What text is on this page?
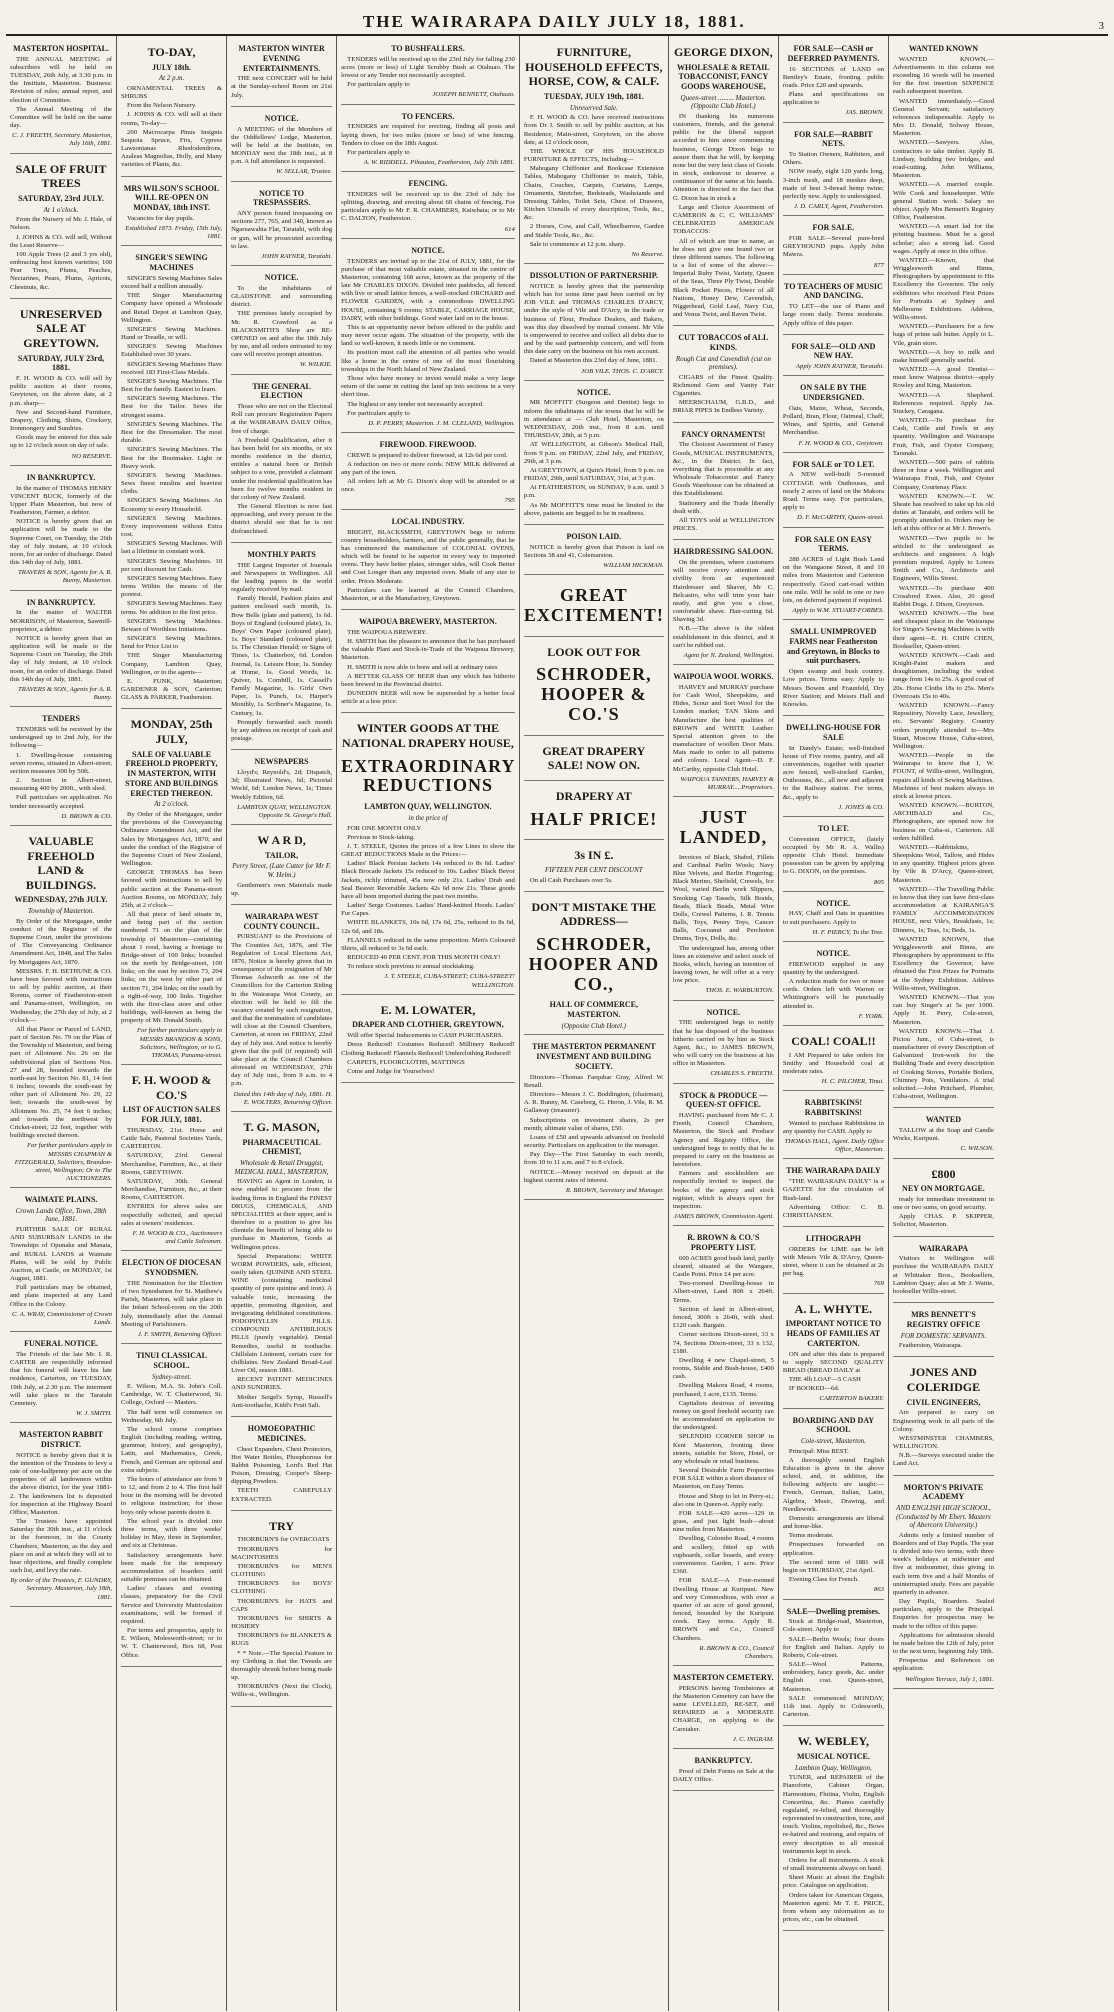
THE WAIRARAPA DAILY JULY 18, 1881.	3
MASTERTON HOSPITAL.

THE ANNUAL MEETING of subscribers will be held on TUESDAY, 26th July, at 3.30 p.m. in the Institute, Masterton. Business: Revision of rules; annual report, and election of Committee.

The Annual Meeting of the Committee will be held on the same day.

C. J. FREETH, Secretary. Masterton, July 16th, 1881.
SALE OF FRUIT TREES
SATURDAY, 23rd JULY.
At 1 o'clock.

From the Nursery of Mr. J. Hale, of Nelson.

J. JOHNS & CO. will sell, Without the Least Reserve—

100 Apple Trees (2 and 3 yrs old), embracing best known varieties; 100 Pear Trees, Plums, Peaches, Nectarines, Pears, Plums, Apricots, Chestnuts, &c.

UNRESERVED SALE AT GREYTOWN.
SATURDAY, JULY 23rd, 1881.

F. H. WOOD & CO. will sell by public auction at their rooms, Greytown, on the above date, at 2 p.m. sharp—

New and Second-hand Furniture, Drapery, Clothing, Shirts, Crockery, Ironmongery and Sundries.

Goods may be entered for this sale up to 12 o'clock noon on day of sale.

NO RESERVE.
IN BANKRUPTCY.

In the matter of THOMAS HENRY VINCENT BUCK, formerly of the Upper Plain Masterton, but now of Featherston, Farmer, a debtor.

NOTICE is hereby given that an application will be made to the Supreme Court, on Tuesday, the 26th day of July instant, at 10 o'clock noon, for an order of discharge. Dated this 14th day of July, 1881.

TRAVERS & SON, Agents for A. R. Bunny, Masterton.
IN BANKRUPTCY.

In the matter of WALTER MORRISON, of Masterton, Sawmill-proprietor, a debtor.

NOTICE is hereby given that an application will be made to the Supreme Court on Tuesday, the 26th day of July instant, at 10 o'clock noon, for an order of discharge. Dated this 14th day of July, 1881.

TRAVERS & SON, Agents for A. R. Bunny.
TENDERS

TENDERS will be received by the undersigned up to 2nd July, for the following—

1. Dwelling-house containing seven rooms, situated in Albert-street; section measures 300 by 50ft.

2. Section in Albert-street, measuring 400 by 200ft., with shed.

Full particulars on application. No tender necessarily accepted.

D. BROWN & CO.
VALUABLE FREEHOLD LAND & BUILDINGS.
WEDNESDAY, 27th JULY.
Township of Masterton.

By Order of the Mortgagee, under conduct of the Registrar of the Supreme Court, under the provisions of The Conveyancing Ordinance Amendment Act, 1848, and The Sales by Mortgagees Act, 1870.

MESSRS. F. H. BETHUNE & CO. have been favored with instructions to sell by public auction, at their Rooms, corner of Featherston-street and Panama-street, Wellington, on Wednesday, the 27th day of July, at 2 o'clock—

All that Piece or Parcel of LAND, part of Section No. 79 on the Plan of the Township of Masterton, and being part of Allotment No. 26 on the subdivisional plan of Sections Nos. 27 and 28, bounded towards the north-east by Section No. 81, 14 feet 6 inches; towards the south-east by other part of Allotment No. 29, 22 feet; towards the south-west by Allotment No. 25, 74 feet 6 inches; and towards the northwest by Cricket-street, 22 feet, together with buildings erected thereon.

For further particulars apply to MESSRS CHAPMAN & FITZGERALD, Solicitors, Brandon-street, Wellington; Or to The AUCTIONEERS.
WAIMATE PLAINS.
Crown Lands Office, Town, 28th June, 1881.

FURTHER SALE OF RURAL AND SUBURBAN LANDS in the Townships of Opunake and Manaia, and RURAL LANDS at Waimate Plains, will be sold by Public Auction, at Castle, on MONDAY, 1st August, 1881.

Full particulars may be obtained, and plans inspected at any Land Office in the Colony.

C. A. WRAY, Commissioner of Crown Lands.
FUNERAL NOTICE.

The Friends of the late Mr. I. R. CARTER are respectfully informed that his funeral will leave his late residence, Carterton, on TUESDAY, 19th July, at 2.30 p.m. The interment will take place in the Taratahi Cemetery.

W. J. SMITH.
MASTERTON RABBIT DISTRICT.

NOTICE is hereby given that it is the intention of the Trustees to levy a rate of one-halfpenny per acre on the properties of all landowners within the above district, for the year 1881-2. The landowners list is deposited for inspection at the Highway Board Office, Masterton.

The Trustees have appointed Saturday the 30th inst., at 11 o'clock in the forenoon, in the County Chambers, Masterton, as the day and place on and at which they will sit to hear objections, and finally complete such list, and levy the rate.

By order of the Trustees, F. GUNDRY, Secretary. Masterton, July 18th, 1881.
TO-DAY,
JULY 18th.
At 2 p.m.

ORNAMENTAL TREES & SHRUBS

From the Nelson Nursery.

J. JOHNS & CO. will sell at their rooms, To-day—

200 Macrocarpa Pinus Insignis Sequoia Spruce, Firs, Cypress Lawsonianas Rhododendrons, Azaleas Magnolias, Holly, and Many varieties of Plants, &c.

MRS WILSON'S SCHOOL WILL RE-OPEN ON MONDAY, 18th INST.

Vacancies for day pupils.

Established 1873. Friday, 15th July, 1881.
SINGER'S SEWING MACHINES

SINGER'S Sewing Machines Sales exceed half a million annually.

THE Singer Manufacturing Company have opened a Wholesale and Retail Depot at Lambton Quay, Wellington.

SINGER'S Sewing Machines. Hand or Treadle, or will.

SINGER'S Sewing Machines Established over 30 years.

SINGER'S Sewing Machines Have received 183 First-Class Medals.

SINGER'S Sewing Machines. The Best for the family. Easiest to learn.

SINGER'S Sewing Machines. The Best for the Tailor. Sews the strongest seams.

SINGER'S Sewing Machines. The Best for the Dressmaker. The most durable.

SINGER'S Sewing Machines. The Best for the Bootmaker. Light or Heavy work.

SINGER'S Sewing Machines. Sews finest muslins and heaviest cloths.

SINGER'S Sewing Machines. An Economy to every Household.

SINGER'S Sewing Machines. Every improvement without Extra cost.

SINGER'S Sewing Machines. Will last a lifetime in constant work.

SINGER'S Sewing Machines. 10 per cent discount for Cash.

SINGER'S Sewing Machines. Easy terms Within the means of the poorest.

SINGER'S Sewing Machines. Easy terms. No addition to the first price.

SINGER'S Sewing Machines. Beware of Worthless Imitations.

SINGER'S Sewing Machines. Send for Price List to

THE Singer Manufacturing Company, Lambton Quay, Wellington, or to the agents—

E. FUNK, Masterton; GARDENER & SON, Carterton; GLASS & PARKER, Featherston.

MONDAY, 25th JULY,
SALE OF VALUABLE FREEHOLD PROPERTY, IN MASTERTON, WITH STORE AND BUILDINGS ERECTED THEREON.
At 2 o'clock.

By Order of the Mortgagee, under the provisions of the Conveyancing Ordinance Amendment Act, and the Sales by Mortgagees Act, 1870; and under the conduct of the Registrar of the Supreme Court of New Zealand, Wellington.

GEORGE THOMAS has been favored with instructions to sell by public auction at the Panama-street Auction Rooms, on MONDAY, July 25th, at 2 o'clock—

All that piece of land situate in, and being part of the section numbered 71 on the plan of the township of Masterton—containing about 1 rood, having a frontage to Bridge-street of 100 links; bounded on the north by Bridge-street, 100 links; on the east by section 73, 204 links; on the west by other part of section 71, 204 links; on the south by a right-of-way, 100 links. Together with the first-class store and other buildings, well-known as being the property of Mr. Donald Smith.

For further particulars apply to MESSRS BRANDON & SONS, Solicitors, Wellington, or to G. THOMAS, Panama-street.
F. H. WOOD & CO.'S
LIST OF AUCTION SALES FOR JULY, 1881.

THURSDAY, 21st. Horse and Cattle Sale, Pastoral Societies Yards, CARTERTON.

SATURDAY, 23rd. General Merchandise, Furniture, &c., at their Rooms, GREYTOWN.

SATURDAY, 30th. General Merchandise, Furniture, &c., at their Rooms, CARTERTON.

ENTRIES for above sales are respectfully solicited, and special sales at owners' residences.

F. H. WOOD & CO., Auctioneers and Cattle Salesmen.
ELECTION OF DIOCESAN SYNODSMEN.

THE Nomination for the Election of two Synodsmen for St. Matthew's Parish, Masterton, will take place in the Infant School-room on the 20th July, immediately after the Annual Meeting of Parishioners.

J. F. SMITH, Returning Officer.
TINUI CLASSICAL SCHOOL.
Sydney-street.

E. Wilson, M.A. St. John's Coll. Cambridge, W. T. Chatterwood, St. College, Oxford — Masters.

The half term will commence on Wednesday, 6th July.

The school course comprises English (including reading, writing, grammar, history, and geography), Latin, and Mathematics, Greek, French, and German are optional and extra subjects.

The hours of attendance are from 9 to 12, and from 2 to 4. The first half hour in the morning will be devoted to religious instruction; for those boys only whose parents desire it.

The school year is divided into three terms, with three weeks' holiday in May, three in September, and six at Christmas.

Satisfactory arrangements have been made for the temporary accommodation of boarders until suitable premises can be obtained.

Ladies' classes and evening classes, preparatory for the Civil Service and University Matriculation examinations, will be formed if required.

For terms and prospectus, apply to E. Wilson, Molesworth-street; or to W. T. Chatterwood, Box 68, Post Office.

MASTERTON WINTER EVENING ENTERTAINMENTS.

THE next CONCERT will be held at the Sunday-school Room on 21st July.

NOTICE.

A MEETING of the Members of the Oddfellows' Lodge, Masterton, will be held at the Institute, on MONDAY next the 18th inst., at 8 p.m. A full attendance is requested.

W. SELLAR, Trustee.
NOTICE TO TRESPASSERS.

ANY person found trespassing on sections 277, 765, and 340, known as Ngaruawahia Flat, Taratahi, with dog or gun, will be prosecuted according to law.

JOHN RAYNER, Taratahi.
NOTICE.

To the inhabitants of GLADSTONE and surrounding district.

THE premises lately occupied by Mr. R. Crawford as a BLACKSMITH'S Shop are RE-OPENED on and after the 18th July by me, and all orders entrusted to my care will receive prompt attention.

W. WILKIE.
THE GENERAL ELECTION

Those who are not on the Electoral Roll can procure Registration Papers at the WAIRARAPA DAILY Office, free of charge.

A Freehold Qualification, after it has been held for six months, or six months residence in the district, entitles a natural born or British subject to a vote, provided a claimant under the residential qualification has been for twelve months resident in the colony of New Zealand.

The General Election is now fast approaching, and every person in the district should see that he is not disfranchised.

MONTHLY PARTS

THE Largest Importer of Journals and Newspapers in Wellington. All the leading papers in the world regularly received by mail.

Family Herald, Fashion plates and pattern enclosed each month, 1s. Bow Bells (plate and pattern), 1s 6d. Boys of England (coloured plate), 1s. Boys' Own Paper (coloured plate), 1s. Boys' Standard (coloured plate), 1s. The Christian Herald; or Signs of Times, 1s. Chatterbox, 6d. London Journal, 1s. Leisure Hour, 1s. Sunday at Home, 1s. Good Words, 1s. Quiver, 1s. Cornhill, 1s. Cassell's Family Magazine, 1s. Girls' Own Paper, 1s. Punch, 1s. Harper's Monthly, 1s. Scribner's Magazine, 1s. Century, 1s.

Promptly forwarded each month by any address on receipt of cash and postage.

NEWSPAPERS

Lloyd's; Reynold's, 2d; Dispatch, 3d; Illustrated News, 6d; Pictorial World, 6d; London News, 1s; Times Weekly Edition, 6d.

LAMBTON QUAY, WELLINGTON. Opposite St. George's Hall.
W A R D,
TAILOR,
Perry Street, (Late Cutter for Mr F. W. Helm.)

Gentlemen's own Materials made up.

WAIRARAPA WEST COUNTY COUNCIL.

PURSUANT to the Provisions of The Counties Act, 1876, and The Regulation of Local Elections Act, 1876, Notice is hereby given that in consequence of the resignation of Mr Thomas Ashworth as one of the Councillors for the Carterton Riding in the Wairarapa West County, an election will be held to fill the vacancy created by such resignation, and that the nomination of candidates will close at the Council Chambers, Carterton, at noon on FRIDAY, 22nd day of July inst. And notice is hereby given that the poll (if required) will take place at the Council Chambers aforesaid on WEDNESDAY, 27th day of July inst., from 9 a.m. to 4 p.m.

Dated this 14th day of July, 1881. H. E. WOLTERS, Returning Officer.
T. G. MASON,
PHARMACEUTICAL CHEMIST,
Wholesale & Retail Druggist, MEDICAL HALL, MASTERTON,

HAVING an Agent in London, is now enabled to procure from the leading firms in England the FINEST DRUGS, CHEMICALS, AND SPECIALITIES at their upper, and is therefore in a position to give his clientele the benefit of being able to purchase in Masterton, Goods at Wellington prices.

Special Preparations: WHITE WORM POWDERS, safe, efficient, easily taken. QUININE AND STEEL WINE (containing medicinal quantity of pure quinine and iron). A valuable tonic, increasing the appetite, promoting digestion, and invigorating debilitated constitutions. PODOPHYLLIN PILLS. COMPOUND ANTIBILIOUS PILLS (purely vegetable). Dental Remedies, useful in toothache. Chillslain Liniment, certain cure for chilblains. New Zealand Broad-Leaf Liver Oil, season 1881.

RECENT PATENT MEDICINES AND SUNDRIES.

Mother Seigel's Syrup, Russell's Anti-toothache, Kidd's Fruit Salt.

HOMOEOPATHIC MEDICINES.

Chest Expanders, Chest Protectors, Hot Water Bottles, Phosphorous for Rabbit Poisoning, Lord's Red Hat Poison, Dressing, Cooper's Sheep-dipping Powders.

TEETH CAREFULLY EXTRACTED.

TRY

THORBURN'S for OVERCOATS

THORBURN'S for MACINTOSHES

THORBURN'S for MEN'S CLOTHING

THORBURN'S for BOYS' CLOTHING

THORBURN'S for HATS and CAPS

THORBURN'S for SHIRTS & HOSIERY

THORBURN'S for BLANKETS & RUGS

* * Note.—The Special Feature in my Clothing is that the Tweeds are thoroughly shrunk before being made up.

THORBURN'S (Next the Clock), Willis-st., Wellington.

TO BUSHFALLERS.

TENDERS will be received up to the 23rd July for falling 230 acres (more or less) of Light Scrubby Bush at Otahuao. The lowest or any Tender not necessarily accepted.

For particulars apply to

JOSEPH BENNETT, Otahuao.
TO FENCERS.

TENDERS are required for erecting, finding all posts and laying down, for two miles (more or less) of wire fencing. Tenders to close on the 18th August.

For particulars apply to

A. W. RIDDELL. Pihautea, Featherston, July 15th 1881.
FENCING.

TENDERS will be received up to the 23rd of July for splitting, drawing, and erecting about 60 chains of fencing. For particulars apply to Mr F. R. CHAMBERS, Kaiwhata; or to Mr C. DALTON, Featherston.

614
NOTICE.

TENDERS are invited up to the 21st of JULY, 1881, for the purchase of that most valuable estate, situated in the centre of Masterton, containing 168 acres, known as the property of the late Mr CHARLES DIXON. Divided into paddocks, all fenced with live or small lattice fences, a well-stocked ORCHARD and FLOWER GARDEN, with a commodious DWELLING HOUSE, containing 9 rooms; STABLE, CARRIAGE HOUSE, DAIRY, with other buildings. Good water laid on to the house.

This is an opportunity never before offered to the public and may never occur again. The situation of the property, with the land so well-known, it needs little or no comment.

Its position must call the attention of all parties who would like a home in the centre of one of the most flourishing townships in the North Island of New Zealand.

Those who have money to invest would make a very large return of the same in cutting the land up into sections in a very short time.

The highest or any tender not necessarily accepted.

For particulars apply to

D. P. PERRY, Masterton. J. M. CLELAND, Wellington.
FIREWOOD. FIREWOOD.

CREWE is prepared to deliver firewood, at 12s 6d per cord.

A reduction on two or more cords. NEW MILK delivered at any part of the town.

All orders left at Mr G. Dixon's shop will be attended to at once.

795
LOCAL INDUSTRY.

BRIGHT, BLACKSMITH, GREYTOWN begs to inform country householders, farmers, and the public generally, that he has commenced the manufacture of COLONIAL OVENS, which will be found to be superior in every way to imported ovens. They have better plates, stronger sides, will Cook Better and Cost Longer than any imported oven. Made of any size to order. Prices Moderate.

Particulars can be learned at the Council Chambers, Masterton, or at the Manufactory, Greytown.

WAIPOUA BREWERY, MASTERTON.

THE WAIPOUA BREWERY.

H. SMITH has the pleasure to announce that he has purchased the valuable Plant and Stock-in-Trade of the Waipoua Brewery, Masterton.

H. SMITH is now able to brew and sell at ordinary rates

A BETTER GLASS OF BEER than any which has hitherto been brewed in the Provincial district.

DUNEDIN BEER will now be superseded by a better local article at a less price.

WINTER GOODS AT THE NATIONAL DRAPERY HOUSE,
EXTRAORDINARY REDUCTIONS
LAMBTON QUAY, WELLINGTON.
in the price of

FOR ONE MONTH ONLY

Previous to Stock-taking.

J. T. STEELE, Quotes the prices of a few Lines to show the GREAT REDUCTIONS Made in the Prices:—

Ladies' Black Persian Jackets 14s reduced to 8s 6d. Ladies' Black Brocade Jackets 15s reduced to 10s. Ladies' Black Bevor Jackets, richly trimmed, 45s now only 21s. Ladies' Drab and Seal Beaver Reversible Jackets 42s 6d now 21s. These goods have all been imported during the past two months.

Ladies' Serge Costumes. Ladies' Hand-knitted Hoods. Ladies' Fur Capes.

WHITE BLANKETS, 10s 6d, 17s 6d, 25s, reduced to 8s 6d, 12s 6d, and 18s.

FLANNELS reduced in the same proportion. Men's Coloured Shirts, all reduced to 3s 6d each.

REDUCED 40 PER CENT. FOR THIS MONTH ONLY!

To reduce stock previous to annual stocktaking.

J. T. STEELE, CUBA-STREET; CUBA-STREET! WELLINGTON.
E. M. LOWATER,
DRAPER AND CLOTHIER, GREYTOWN,

Will offer Special Inducements to CASH PURCHASERS.

Dress Reduced! Costumes Reduced! Millinery Reduced! Clothing Reduced! Flannels Reduced! Underclothing Reduced!

CARPETS, FLOORCLOTHS, MATTINGS

Come and Judge for Yourselves!

FURNITURE, HOUSEHOLD EFFECTS, HORSE, COW, & CALF.
TUESDAY, JULY 19th, 1881.
Unreserved Sale.

F. H. WOOD & CO. have received instructions from Dr J. Smith to sell by public auction, at his Residence, Main-street, Greytown, on the above date, at 12 o'clock noon,

THE WHOLE OF HIS HOUSEHOLD FURNITURE & EFFECTS, Including—

Mahogany Chiffonier and Bookcase Extension Tables, Mahogany Chiffonier to match, Table, Chairs, Couches, Carpets, Curtains, Lamps, Ornaments, Stretcher, Bedsteads, Washstands and Dressing Tables, Toilet Sets, Chest of Drawers, Kitchen Utensils of every description, Tools, &c., &c.

2 Horses, Cow, and Calf, Wheelbarrow, Garden and Stable Tools, &c., &c.

Sale to commence at 12 p.m. sharp.

No Reserve.
DISSOLUTION OF PARTNERSHIP.

NOTICE is hereby given that the partnership which has for some time past been carried on by JOB VILE and THOMAS CHARLES D'ARCY, under the style of Vile and D'Arcy, in the trade or business of Flour, Produce Dealers, and Bakers, was this day dissolved by mutual consent. Mr Vile is empowered to receive and collect all debts due to and by the said partnership concern, and will from this date carry on the business on his own account.

Dated at Masterton this 23rd day of June, 1881.

JOB VILE. THOS. C. D'ARCY.
NOTICE.

MR MOFFITT (Surgeon and Dentist) begs to inform the inhabitants of the towns that he will be in attendance at — Club Hotel, Masterton, on WEDNESDAY, 20th inst., from 8 a.m. until THURSDAY, 28th, at 5 p.m.

AT WELLINGTON, at Gibson's Medical Hall, from 9 p.m. on FRIDAY, 22nd July, and FRIDAY, 29th, at 3 p.m.

At GREYTOWN, at Quin's Hotel, from 9 p.m. on FRIDAY, 29th, until SATURDAY, 31st, at 3 p.m.

At FEATHERSTON, on SUNDAY, 9 a.m. until 3 p.m.

As Mr MOFFITT'S time must be limited to the above, patients are begged to be in readiness.

POISON LAID.

NOTICE is hereby given that Poison is laid on Sections 38 and 41, Colemarston.

WILLIAM HICKMAN.
GREAT EXCITEMENT!
LOOK OUT FOR
SCHRODER, HOOPER & CO.'S
GREAT DRAPERY SALE! NOW ON.
DRAPERY AT
HALF PRICE!
3s IN £.
FIFTEEN PER CENT DISCOUNT

On all Cash Purchases over 5s.

DON'T MISTAKE THE ADDRESS—
SCHRODER, HOOPER AND CO.,
HALL OF COMMERCE, MASTERTON.
(Opposite Club Hotel.)
THE MASTERTON PERMANENT INVESTMENT AND BUILDING SOCIETY.

Directors—Thomas Farquhar Gray, Alfred W. Renall.

Directors—Messrs J. C. Boddington, (chairman), A. R. Bunny, M. Caseborg, G. Heron, J. Vile, R. M. Gallaway (treasurer).

Subscriptions on investment shares, 2s per month; ultimate value of shares, £50.

Loans of £50 and upwards advanced on freehold security. Particulars on application to the manager.

Pay Day—The First Saturday in each month, from 10 to 11 a.m. and 7 to 8 o'clock.

NOTICE.—Money received on deposit at the highest current rates of interest.

R. BROWN, Secretary and Manager.
GEORGE DIXON,
WHOLESALE & RETAIL TOBACCONIST, FANCY GOODS WAREHOUSE,
Queen-street ......... Masterton. (Opposite Club Hotel.)

IN thanking his numerous customers, friends, and the general public for the liberal support accorded to him since commencing business, George Dixon begs to assure them that he will, by keeping none but the very best class of Goods in stock, endeavour to deserve a continuance of the same at his hands. Attention is directed to the fact that G. Dixon has in stock a

Large and Choice Assortment of CAMERON & C. C. WILLIAMS' CELEBRATED AMERICAN TOBACCOS:

All of which are true to name, as he does not give one brand two or three different names. The following is a list of some of the above:—Imperial Ruby Twist, Variety, Queen of the Seas, Three Ply Twist, Double Black Pocket Pieces, Flower of all Nations, Honey Dew, Cavendish, Niggerhead, Gold Leaf, Navy Cut, and Venus Twist, and Raven Twist.

CUT TOBACCOS of ALL KINDS.
Rough Cut and Cavendish (cut on premises).

CIGARS of the Finest Quality. Richmond Gem and Vanity Fair Cigarettes.

MEERSCHAUM, G.B.D., and BRIAR PIPES In Endless Variety.

FANCY ORNAMENTS!

The Choicest Assortment of Fancy Goods, MUSICAL INSTRUMENTS, &c., in the District. In fact, everything that is procurable at any Wholesale Tobacconist and Fancy Goods Warehouse can be obtained at this Establishment.

Stationery and the Trade liberally dealt with.

All TOYS sold at WELLINGTON PRICES.

HAIRDRESSING SALOON.

On the premises, where customers will receive every attention and civility from an experienced Hairdresser and Shaver, Mr C. Belcastro, who will trim your hair neatly, and give you a close, comfortable shave. Hair-cutting 6d. Shaving 3d.

N.B.—The above is the oldest establishment in this district, and it can't be rubbed out.

Agent for N. Zealand, Wellington.
WAIPOUA WOOL WORKS.

HARVEY and MURRAY purchase for Cash Wool, Sheepskins, and Hides, Scour and Sort Wool for the London market; TAN Skins and Manufacture the best qualities of BROWN and WHITE Leather. Special attention given to the manufacture of woollen Door Mats. Mats made to order in all patterns and colours. Local Agent—D. F. McCarthy, opposite Club Hotel.

WAIPOUA TANNERS, HARVEY & MURRAY.....Proprietors.
JUST LANDED,

Invoices of Black, Shafed, Fillets and Cardinal Parlin Wools; Navy Blue Velvets, and Berlin Fingering; Black Merino, Shefield, Crewels, Ice Wool, varied Berlin work Slippers, Smoking Cap Tassels, Silk Braids, Beads, Black Beads, Metal Wire Dolls, Crewel Patterns, I. R. Tennis Balls, Toys, Penny Toys, Cancer Balls, Cocoanut and Perchoton Drums, Toys, Dolls, &c.

The undersigned has, among other lines an extensive and select stock of Books, which, having an intention of leaving town, he will offer at a very low price.

THOS. E. WARBURTON.
NOTICE.

THE undersigned begs to notify that he has disposed of the business hitherto carried on by him as Stock Agent, &c., to JAMES BROWN, who will carry on the business at his office in Masterton.

CHARLES S. FREETH.
STOCK & PRODUCE — QUEEN-ST OFFICE.

HAVING purchased from Mr C. J. Freeth, Council Chambers, Masterton, the Stock and Produce Agency and Registry Office, the undersigned begs to notify that he is prepared to carry on the business as heretofore.

Farmers and stockholders are respectfully invited to inspect the books of the agency and stock register, which is always open for inspection.

JAMES BROWN, Commission Agent.
R. BROWN & CO.'S PROPERTY LIST.

600 ACRES good bush land, partly cleared, situated at the Wangare, Castle Point. Price £4 per acre.

Two-roomed Dwelling-house in Albert-street, Land 80ft x 264ft. Terms.

Section of land in Albert-street, fenced, 300ft x 264ft, with shed. £120 cash. Bargain.

Corner sections Dixon-street, 33 x 74, Sections Dixon-street, 33 x 132, £180.

Dwelling 4 new Chapel-street, 5 rooms, Stable and Bush-house, £400 cash.

Dwelling Makora Road, 4 rooms, purchased, 1 acre, £135. Terms.

Capitalists desirous of investing money on good freehold security can be accommodated on application to the undersigned.

SPLENDID CORNER SHOP in Kent Masterton, fronting three streets, suitable for Store, Hotel, or any wholesale or retail business.

Several Desirable Farm Properties FOR SALE within a short distance of Masterton, on Easy Terms.

House and Shop to let in Perry-st.; also one in Queen-st. Apply early.

FOR SALE—420 acres—129 in grass, and just light bush—about nine miles from Masterton.

Dwelling, Colombo Road, 4 rooms and scullery, fitted up with cupboards, cellar boards, and every convenience. Garden, 1 acre. Price £360.

FOR SALE—A Four-roomed Dwelling House at Kuripuni. New and very Commodious, with over a quarter of an acre of good ground, fenced, bounded by the Kuripuni creek. Easy terms. Apply R. BROWN and Co., Council Chambers.

R. BROWN & CO., Council Chambers.
MASTERTON CEMETERY.

PERSONS having Tombstones at the Masterton Cemetery can have the same LEVELLED, RE-SET, and REPAIRED at a MODERATE CHARGE, on applying to the Caretaker.

J. C. INGRAM.
BANKRUPTCY.

Proof of Debt Forms on Sale at the DAILY Office.

FOR SALE—CASH or DEFERRED PAYMENTS.

16 SECTIONS of LAND on Bentley's Estate, fronting public roads. Price £20 and upwards.

Plans and specifications on application to

JAS. BROWN.
FOR SALE—RABBIT NETS.

To Station Owners, Rabbiters, and Others.

NOW ready, eight 120 yards long, 3-inch mesh, and 18 meshes deep, made of best 3-thread hemp twine; perfectly new. Apply to undersigned.

J. D. CARLY, Agent, Featherston.
FOR SALE.

FOR SALE—Several pure-bred GREYHOUND pups. Apply John Mawra.

877
TO TEACHERS OF MUSIC AND DANCING.

TO LET—the use of Piano and large room daily. Terms moderate. Apply office of this paper.

FOR SALE—OLD AND NEW HAY.
Apply JOHN RAYNER, Taratahi.
ON SALE BY THE UNDERSIGNED.

Oats, Maize, Wheat, Seconds, Pollard, Bran, Flour, Oatmeal, Chaff, Wines, and Spirits, and General Merchandise.

F. H. WOOD & CO., Greytown.
FOR SALE or TO LET.

A NEW well-built 5-roomed COTTAGE with Outhouses, and nearly 2 acres of land on the Makora Road. Terms easy. For particulars, apply to

D. F. McCARTHY, Queen-street.
FOR SALE ON EASY TERMS.

288 ACRES of Light Bush Land on the Wangaone Street, 8 and 10 miles from Masterton and Carterton respectively. Good cart-road within one mile. Will be sold in one or two lots, on deferred payment if required.

Apply to W.M. STUART-FORBES.
SMALL UNIMPROVED FARMS near Featherston and Greytown, in Blocks to suit purchasers.

Open swamp and bush country. Low prices. Terms easy. Apply to Messrs Bowen and Fraunfeld, Dry River Station; and Messrs Hall and Knowles.

DWELLING-HOUSE FOR SALE

In Dandy's Estate; well-finished house of Five rooms, pantry, and all conveniences, together with quarter acre fenced, well-stocked Garden, Outhouses, &c., all new and adjacent to the Railway station. For terms, &c., apply to

J. JONES & CO.
TO LET.

Convenient OFFICE, (lately occupied by Mr R. A. Wallis) opposite Club Hotel. Immediate possession can be given by applying to G. DIXON, on the premises.

805
NOTICE.

HAY, Chaff and Oats in quantities to suit purchasers. Apply to

H. F. PIERCY, To the Tree.
NOTICE.

FIREWOOD supplied in any quantity by the undersigned.

A reduction made for two or more cords. Orders left with Warren or Whittington's will be punctually attended to.

F. YORK.
COAL! COAL!!

I AM Prepared to take orders for Smithy and Household coal at moderate rates.

H. C. PILCHER, Tinui.
RABBITSKINS! RABBITSKINS!

Wanted to purchase Rabbitskins in any quantity for CASH. Apply to

THOMAS HALL, Agent. Daily Office Office, Masterton.
THE WAIRARAPA DAILY

"THE WAIRARAPA DAILY" is a GAZETTE for the circulation of Bush-land.

Advertising Office: C. B. CHRISTIANSEN.

LITHOGRAPH

ORDERS for LIME can be left with Messrs Vile & D'Arcy, Queen-street, where it can be obtained at 2s per bag.

769
A. L. WHYTE.
IMPORTANT NOTICE TO HEADS OF FAMILIES AT CARTERTON.

ON and after this date is prepared to supply SECOND QUALITY BREAD (BREAD DAILY at

THE 4lb LOAF—5 CASH

IF BOOKED—6d.

CARTERTON BAKERY.
BOARDING AND DAY SCHOOL
Cole-street, Masterton.

Principal: Miss BEST.

A thoroughly sound English Education is given in the above school, and, in addition, the following subjects are taught:—French, German, Italian, Latin, Algebra, Music, Drawing, and Needlework.

Domestic arrangements are liberal and home-like.

Terms moderate.

Prospectuses forwarded on application.

The second term of 1881 will begin on THURSDAY, 21st April.

Evening Class for French.

863
SALE—Dwelling premises.

Stock at Bridge-road, Masterton, Cole-street. Apply to

SALE—Berlin Wools; four doors for English and Italian. Apply to Roberts, Cole-street.

SALE—Wool Patterns, embroidery, fancy goods, &c. under English cost. Queen-street, Masterton.

SALE commenced MONDAY, 11th inst. Apply to Colesworth, Carterton.

W. WEBLEY,
MUSICAL NOTICE.
Lambton Quay, Wellington,

TUNER, and REPAIRER of the Pianoforte, Cabinet Organ, Harmonium, Flutina, Violin, English Concertina, &c. Pianos carefully regulated, re-felted, and thoroughly rejuvenated in construction, tone, and touch. Violins, repolished, &c., Bows re-haired and restrung, and repairs of every description to all musical instruments kept in stock.

Orders for all instruments. A stock of small instruments always on hand.

Sheet Music at about the English price. Catalogue on application.

Orders taken for American Organs, Masterton agent: Mr T. E. PRICE, from whom any information as to prices, etc., can be obtained.

WANTED KNOWN

WANTED KNOWN.—Advertisements in this column not exceeding 16 words will be inserted for the first insertion SIXPENCE each subsequent insertion.

WANTED immediately.—Good General Servant; satisfactory references indispensable. Apply to Mrs D. Donald, Solway House, Masterton.

WANTED.—Sawyers. Also, contractors to take timber. Apply B. Lindsay, building two bridges, and road-cutting. John Williams, Masterton.

WANTED.—A married couple. Wife Cook and housekeeper. Wife general Station work. Salary no object. Apply Mrs Bennett's Registry Office, Featherston.

WANTED.—A smart lad for the printing business. Must be a good scholar; also a strong lad. Good wages. Apply at once to this office.

WANTED.—Known, that Wrigglesworth and Binns, Photographers by appointment to His Excellency the Governor. The only exhibitors who received First Prizes for Portraits at Sydney and Melbourne Exhibitions. Address, Willis-street.

WANTED.—Purchasers for a few bags of prime salt butter. Apply to L. Vile, grain store.

WANTED.—A boy to milk and make himself generally useful.

WANTED.—A good Dentist—must know Waipoua district—apply Rowley and King, Masterton.

WANTED.—A Shepherd. References required. Apply Jas. Stuckey, Caragana.

WANTED.—To purchase for Cash, Cattle and Fowls in any quantity. Wellington and Wairarapa Fruit, Fish, and Oyster Company, Taranaki.

WANTED.—500 pairs of rabbits three or four a week. Wellington and Wairarapa Fruit, Fish, and Oyster Company, Courtenay Place.

WANTED KNOWN.—T. W. Sheate has resolved to take up his old duties at Taratahi, and orders will be promptly attended to. Orders may be left at this office or at Mr J. Brown's.

WANTED.—Two pupils to be articled to the undersigned as architects and engineers. A high premium required. Apply to Lowes Smith and Co., Architects and Engineers, Willis Street.

WANTED.—To purchase 400 Crossbred Ewes. Also, 20 good Rabbit Dogs. J. Dixon, Greytown.

WANTED KNOWN.—The best and cheapest place in the Wairarapa for Singer's Sewing Machines is with their agent—E. H. CHIN CHEN, Bookseller, Queen-street.

WANTED KNOWN.—Cash and Knight-Paint makers and draughtsmen, including the widest range from 14s to 25s. A good coat of 20s. Horse Cloths 18s to 25s. Men's Overcoats 15s to 40s.

WANTED KNOWN.—Fancy Repository, Novelty Lace, Jewellery, etc. Servants' Registry. Country orders promptly attended to—Mrs Stuart, Moscow House, Cuba-street, Wellington.

WANTED.—People in the Wairarapa to know that I, W. FOUNT, of Willis-street, Wellington, repairs all kinds of Sewing Machines. Machines of best makers always in stock at lowest prices.

WANTED KNOWN.—BURTON, ARCHIBALD and Co., Photographers, are opened now for business on Cuba-st., Carterton. All orders fulfilled.

WANTED.—Rabbitskins, Sheepskins Wool, Tallow, and Hides in any quantity. Highest prices given by Vile & D'Arcy, Queen-street, Masterton.

WANTED.—The Travelling Public to know that they can have first-class accommodation at KAIRANGA'S FAMILY ACCOMMODATION HOUSE, next Vile's, Breakfasts, 1s; Dinners, 1s; Teas, 1s; Beds, 1s.

WANTED KNOWN, that Wrigglesworth and Binns, are Photographers by appointment to His Excellency the Governor, have obtained the First Prizes for Portraits at the Sydney Exhibition. Address Willis-street, Wellington.

WANTED KNOWN.—That you can buy Singer's at 5s per 1000. Apply H. Perry, Cole-street, Masterton.

WANTED KNOWN.—That J. Pictou Junr., of Cuba-street, is manufacturer of every Description of Galvanized Iron-work for the Building Trade and every description of Cooking Stoves, Portable Boilers, Chimney Pots, Ventilators. A trial solicited.—John Pritchard, Plumber, Cuba-street, Wellington.

WANTED

TALLOW at the Soap and Candle Works, Kuripuni.

C. WILSON.
£800
NEY ON MORTGAGE.

ready for immediate investment in one or two sums, on good security.

Apply CHAS. P. SKIPPER, Solicitor, Masterton.

WAIRARAPA

Visitors to Wellington will purchase the WAIRARAPA DAILY at Whittaker Bros., Booksellers, Lambton Quay; also at Mr J. Wattie, bookseller Willis-street.

MRS BENNETT'S REGISTRY OFFICE
FOR DOMESTIC SERVANTS.

Featherston, Wairarapa.

JONES AND COLERIDGE
CIVIL ENGINEERS,

Are prepared to carry on Engineering work in all parts of the Colony.

WESTMINSTER CHAMBERS, WELLINGTON.

N.B.—Surveys executed under the Land Act.

MORTON'S PRIVATE ACADEMY
AND ENGLISH HIGH SCHOOL, (Conducted by Mr Ebert. Masters of Abercorn University.)

Admits only a limited number of Boarders and of Day Pupils. The year is divided into two terms, with three week's holidays at midwinter and five at midsummer, thus giving in each term five and a half Months of uninterrupted study. Fees are payable quarterly in advance.

Day Pupils, Boarders. Sealed particulars, apply to the Principal. Enquiries for prospectus may be made to the office of this paper.

Applications for admission should be made before the 12th of July, prior to the next term, beginning July 18th.

Prospectus and References on application.

Wellington Terrace, July 1, 1881.
